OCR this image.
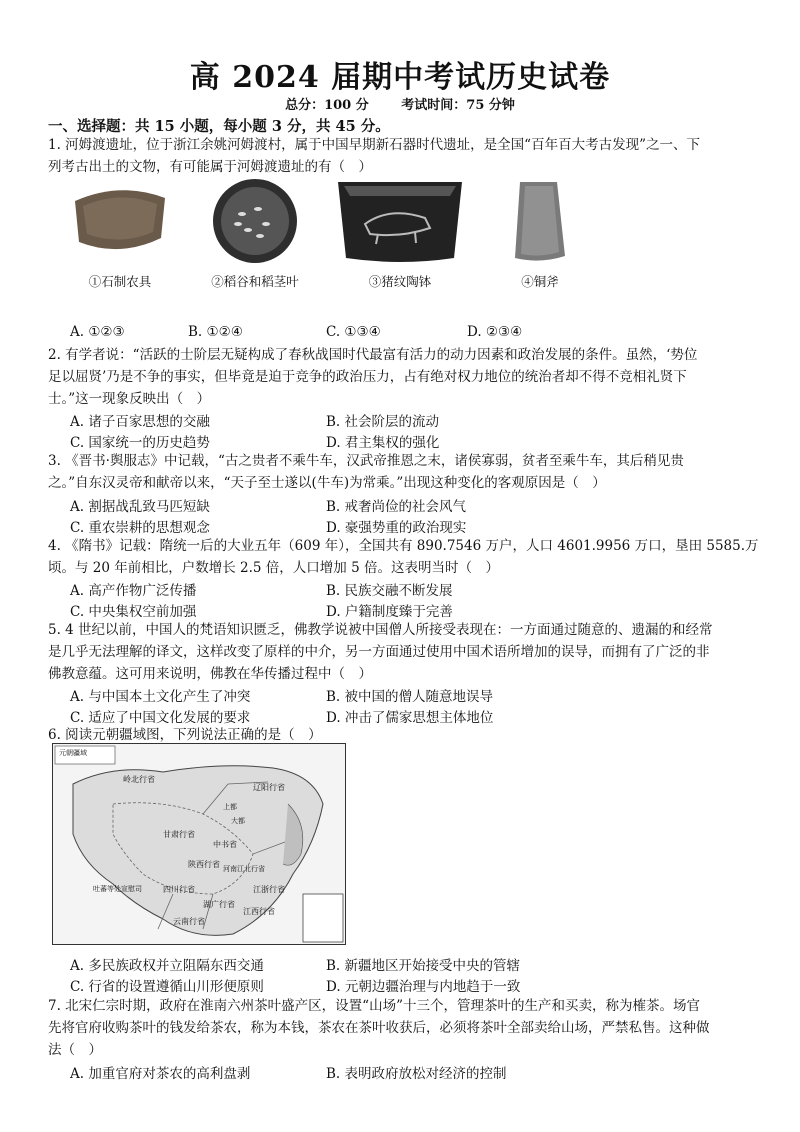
高 2024 届期中考试历史试卷
总分：100 分	考试时间：75 分钟
一、选择题：共 15 小题，每小题 3 分，共 45 分。
1. 河姆渡遗址，位于浙江余姚河姆渡村，属于中国早期新石器时代遗址，是全国“百年百大考古发现”之一、下
列考古出土的文物，有可能属于河姆渡遗址的有（　）
①石制农具	②稻谷和稻茎叶	③猪纹陶钵	④铜斧
A. ①②③	B. ①②④	C. ①③④	D. ②③④
2. 有学者说：“活跃的士阶层无疑构成了春秋战国时代最富有活力的动力因素和政治发展的条件。虽然，‘势位
足以屈贤’乃是不争的事实，但毕竟是迫于竞争的政治压力，占有绝对权力地位的统治者却不得不竞相礼贤下
士。”这一现象反映出（　）
A. 诸子百家思想的交融	B. 社会阶层的流动
C. 国家统一的历史趋势	D. 君主集权的强化
3. 《晋书·舆服志》中记载，“古之贵者不乘牛车，汉武帝推恩之末，诸侯寡弱，贫者至乘牛车，其后稍见贵
之。”自东汉灵帝和献帝以来，“天子至士遂以(牛车)为常乘。”出现这种变化的客观原因是（　）
A. 割据战乱致马匹短缺	B. 戒奢尚俭的社会风气
C. 重农崇耕的思想观念	D. 豪强势重的政治现实
4. 《隋书》记载：隋统一后的大业五年（609 年），全国共有 890.7546 万户，人口 4601.9956 万口，垦田 5585.万
顷。与 20 年前相比，户数增长 2.5 倍，人口增加 5 倍。这表明当时（　）
A. 高产作物广泛传播	B. 民族交融不断发展
C. 中央集权空前加强	D. 户籍制度臻于完善
5. 4 世纪以前，中国人的梵语知识匮乏，佛教学说被中国僧人所接受表现在：一方面通过随意的、遗漏的和经常
是几乎无法理解的译文，这样改变了原样的中介，另一方面通过使用中国术语所增加的误导，而拥有了广泛的非
佛教意蕴。这可用来说明，佛教在华传播过程中（　）
A. 与中国本土文化产生了冲突	B. 被中国的僧人随意地误导
C. 适应了中国文化发展的要求	D. 冲击了儒家思想主体地位
6. 阅读元朝疆域图，下列说法正确的是（　）
元朝疆域
岭北行省
辽阳行省
甘肃行省
中书省
陕西行省 河南江北行省
四川行省
湖广行省
江浙行省
江西行省
云南行省
吐蕃等处宣慰司
大都
上都
A. 多民族政权并立阻隔东西交通	B. 新疆地区开始接受中央的管辖
C. 行省的设置遵循山川形便原则	D. 元朝边疆治理与内地趋于一致
7. 北宋仁宗时期，政府在淮南六州茶叶盛产区，设置“山场”十三个，管理茶叶的生产和买卖，称为榷茶。场官
先将官府收购茶叶的钱发给茶农，称为本钱，茶农在茶叶收获后，必须将茶叶全部卖给山场，严禁私售。这种做
法（　）
A. 加重官府对茶农的高利盘剥	B. 表明政府放松对经济的控制
